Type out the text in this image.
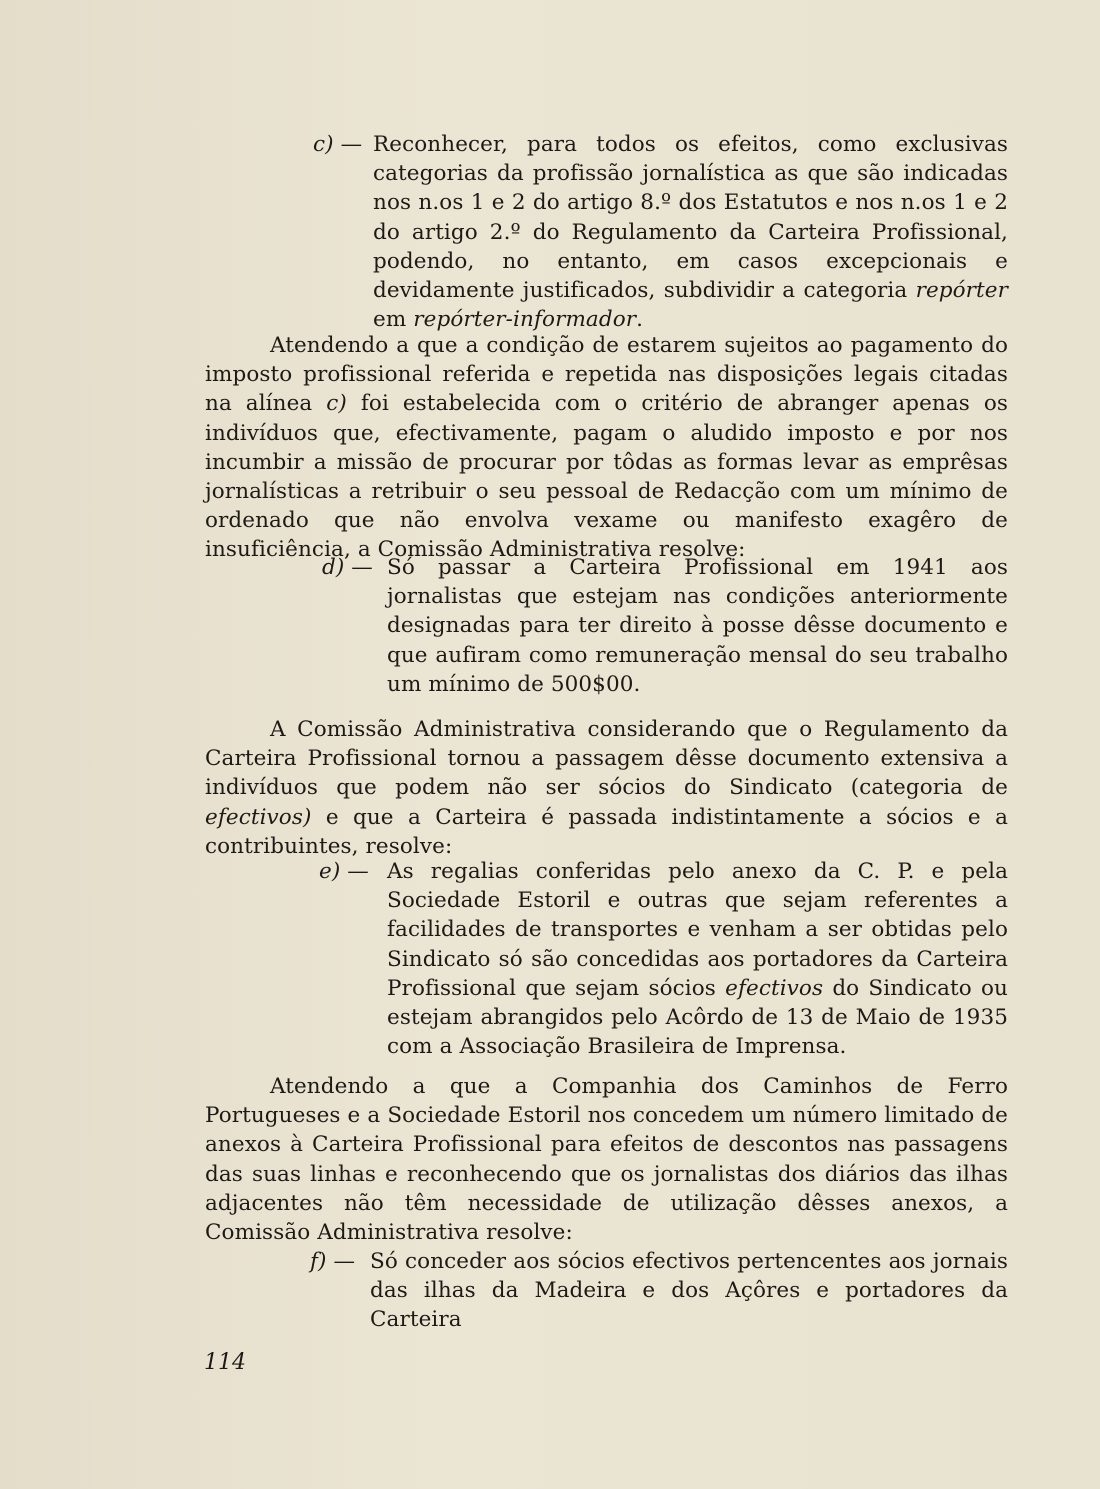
c) — Reconhecer, para todos os efeitos, como exclusivas categorias da profissão jornalística as que são indicadas nos n.os 1 e 2 do artigo 8.º dos Estatutos e nos n.os 1 e 2 do artigo 2.º do Regulamento da Carteira Profissional, podendo, no entanto, em casos excepcionais e devidamente justificados, subdividir a categoria repórter em repórter-informador.
Atendendo a que a condição de estarem sujeitos ao pagamento do imposto profissional referida e repetida nas disposições legais citadas na alínea c) foi estabelecida com o critério de abranger apenas os indivíduos que, efectivamente, pagam o aludido imposto e por nos incumbir a missão de procurar por tôdas as formas levar as emprêsas jornalísticas a retribuir o seu pessoal de Redacção com um mínimo de ordenado que não envolva vexame ou manifesto exagêro de insuficiência, a Comissão Administrativa resolve:
d) — Só passar a Carteira Profissional em 1941 aos jornalistas que estejam nas condições anteriormente designadas para ter direito à posse dêsse documento e que aufiram como remuneração mensal do seu trabalho um mínimo de 500$00.
A Comissão Administrativa considerando que o Regulamento da Carteira Profissional tornou a passagem dêsse documento extensiva a indivíduos que podem não ser sócios do Sindicato (categoria de efectivos) e que a Carteira é passada indistintamente a sócios e a contribuintes, resolve:
e) — As regalias conferidas pelo anexo da C. P. e pela Sociedade Estoril e outras que sejam referentes a facilidades de transportes e venham a ser obtidas pelo Sindicato só são concedidas aos portadores da Carteira Profissional que sejam sócios efectivos do Sindicato ou estejam abrangidos pelo Acôrdo de 13 de Maio de 1935 com a Associação Brasileira de Imprensa.
Atendendo a que a Companhia dos Caminhos de Ferro Portugueses e a Sociedade Estoril nos concedem um número limitado de anexos à Carteira Profissional para efeitos de descontos nas passagens das suas linhas e reconhecendo que os jornalistas dos diários das ilhas adjacentes não têm necessidade de utilização dêsses anexos, a Comissão Administrativa resolve:
f) — Só conceder aos sócios efectivos pertencentes aos jornais das ilhas da Madeira e dos Açôres e portadores da Carteira
114
